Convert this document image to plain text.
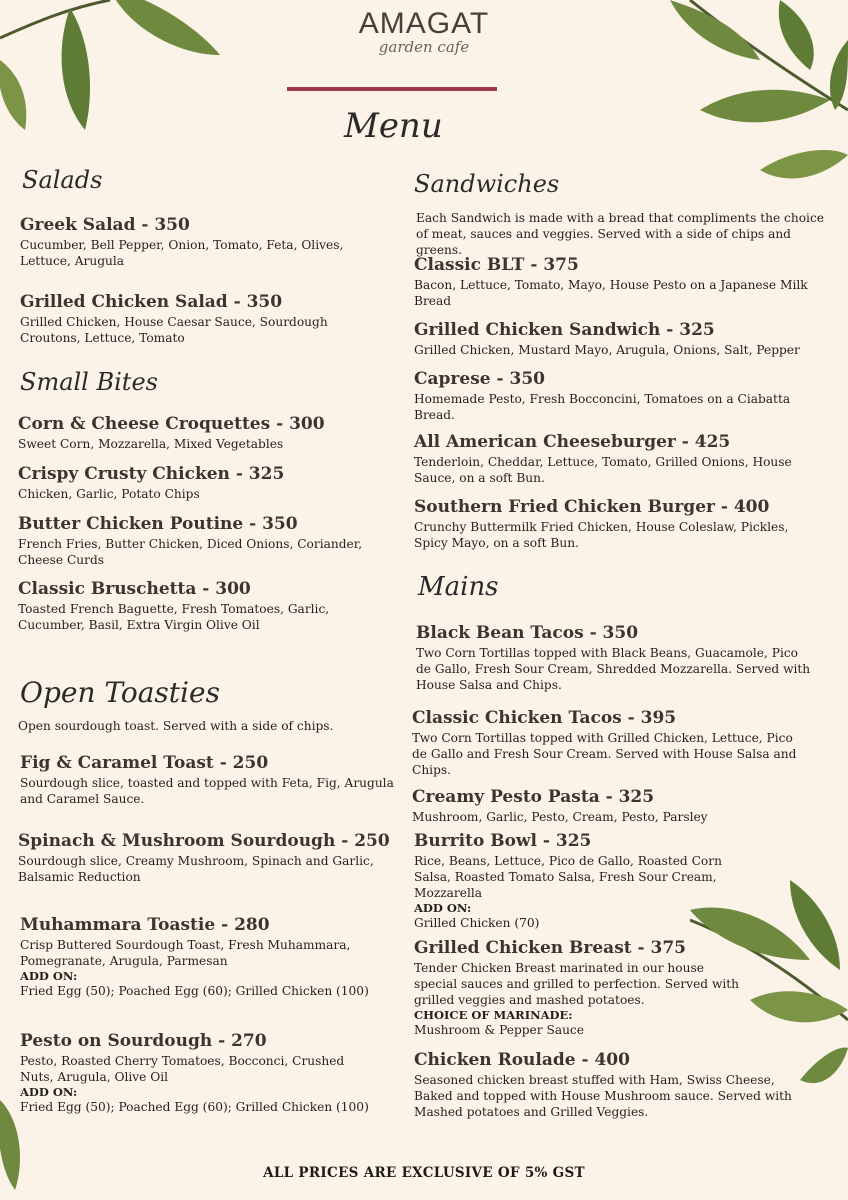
AMAGAT
garden cafe
Menu
Salads
Greek Salad - 350

Cucumber, Bell Pepper, Onion, Tomato, Feta, Olives, Lettuce, Arugula

Grilled Chicken Salad - 350

Grilled Chicken, House Caesar Sauce, Sourdough Croutons, Lettuce, Tomato

Small Bites
Corn & Cheese Croquettes - 300

Sweet Corn, Mozzarella, Mixed Vegetables

Crispy Crusty Chicken - 325

Chicken, Garlic, Potato Chips

Butter Chicken Poutine - 350

French Fries, Butter Chicken, Diced Onions, Coriander, Cheese Curds

Classic Bruschetta - 300

Toasted French Baguette, Fresh Tomatoes, Garlic, Cucumber, Basil, Extra Virgin Olive Oil

Open Toasties

Open sourdough toast. Served with a side of chips.

Fig & Caramel Toast - 250

Sourdough slice, toasted and topped with Feta, Fig, Arugula and Caramel Sauce.

Spinach & Mushroom Sourdough - 250

Sourdough slice, Creamy Mushroom, Spinach and Garlic, Balsamic Reduction

Muhammara Toastie - 280

Crisp Buttered Sourdough Toast, Fresh Muhammara, Pomegranate, Arugula, Parmesan

ADD ON:

Fried Egg (50); Poached Egg (60); Grilled Chicken (100)

Pesto on Sourdough - 270

Pesto, Roasted Cherry Tomatoes, Bocconci, Crushed Nuts, Arugula, Olive Oil

ADD ON:

Fried Egg (50); Poached Egg (60); Grilled Chicken (100)

Sandwiches

Each Sandwich is made with a bread that compliments the choice of meat, sauces and veggies. Served with a side of chips and greens.

Classic BLT - 375

Bacon, Lettuce, Tomato, Mayo, House Pesto on a Japanese Milk Bread

Grilled Chicken Sandwich - 325

Grilled Chicken, Mustard Mayo, Arugula, Onions, Salt, Pepper

Caprese - 350

Homemade Pesto, Fresh Bocconcini, Tomatoes on a Ciabatta Bread.

All American Cheeseburger - 425

Tenderloin, Cheddar, Lettuce, Tomato, Grilled Onions, House Sauce, on a soft Bun.

Southern Fried Chicken Burger - 400

Crunchy Buttermilk Fried Chicken, House Coleslaw, Pickles, Spicy Mayo, on a soft Bun.

Mains
Black Bean Tacos - 350

Two Corn Tortillas topped with Black Beans, Guacamole, Pico de Gallo, Fresh Sour Cream, Shredded Mozzarella. Served with House Salsa and Chips.

Classic Chicken Tacos - 395

Two Corn Tortillas topped with Grilled Chicken, Lettuce, Pico de Gallo and Fresh Sour Cream. Served with House Salsa and Chips.

Creamy Pesto Pasta - 325

Mushroom, Garlic, Pesto, Cream, Pesto, Parsley

Burrito Bowl - 325

Rice, Beans, Lettuce, Pico de Gallo, Roasted Corn Salsa, Roasted Tomato Salsa, Fresh Sour Cream, Mozzarella

ADD ON:

Grilled Chicken (70)

Grilled Chicken Breast - 375

Tender Chicken Breast marinated in our house special sauces and grilled to perfection. Served with grilled veggies and mashed potatoes.

CHOICE OF MARINADE:

Mushroom & Pepper Sauce

Chicken Roulade - 400

Seasoned chicken breast stuffed with Ham, Swiss Cheese, Baked and topped with House Mushroom sauce. Served with Mashed potatoes and Grilled Veggies.

ALL PRICES ARE EXCLUSIVE OF 5% GST
